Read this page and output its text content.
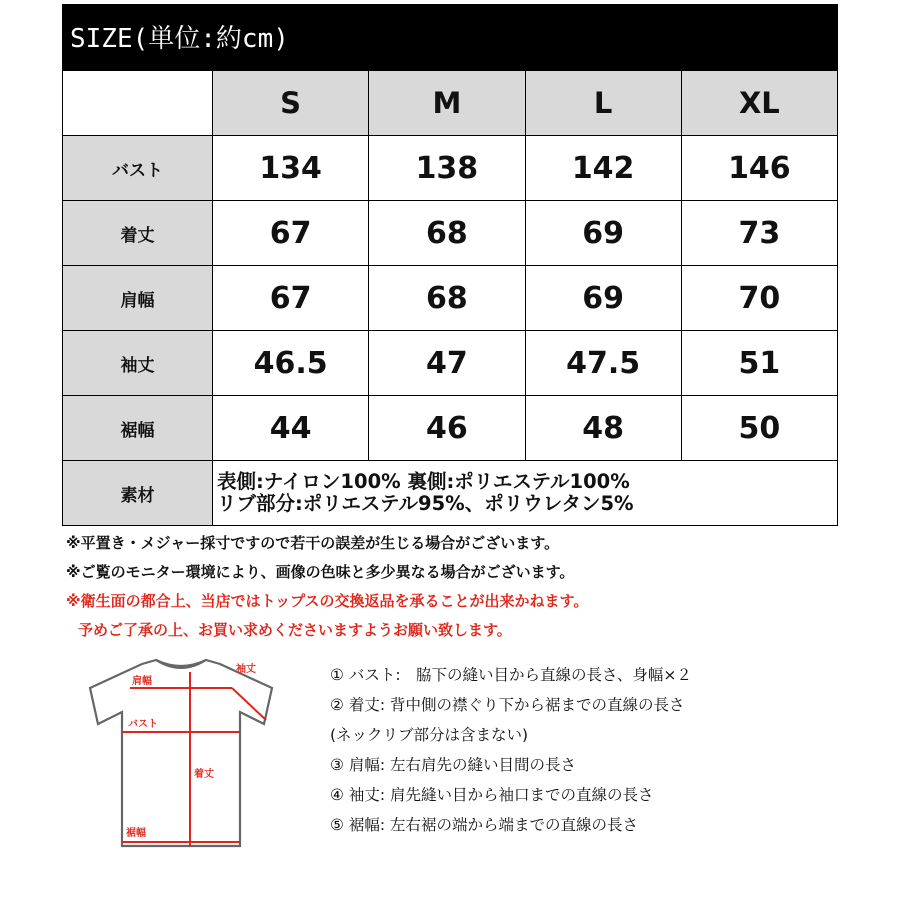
SIZE(単位:約cm)
	S	M	L	XL
バスト	134	138	142	146
着丈	67	68	69	73
肩幅	67	68	69	70
袖丈	46.5	47	47.5	51
裾幅	44	46	48	50
素材	表側:ナイロン100% 裏側:ポリエステル100%
リブ部分:ポリエステル95%、ポリウレタン5%			
※平置き・メジャー採寸ですので若干の誤差が生じる場合がございます。
※ご覧のモニター環境により、画像の色味と多少異なる場合がございます。
※衛生面の都合上、当店ではトップスの交換返品を承ることが出来かねます。
予めご了承の上、お買い求めくださいますようお願い致します。
肩幅
袖丈
バスト
着丈
裾幅
① バスト:　脇下の縫い目から直線の長さ、身幅×２
② 着丈: 背中側の襟ぐり下から裾までの直線の長さ
(ネックリブ部分は含まない)
③ 肩幅: 左右肩先の縫い目間の長さ
④ 袖丈: 肩先縫い目から袖口までの直線の長さ
⑤ 裾幅: 左右裾の端から端までの直線の長さ
